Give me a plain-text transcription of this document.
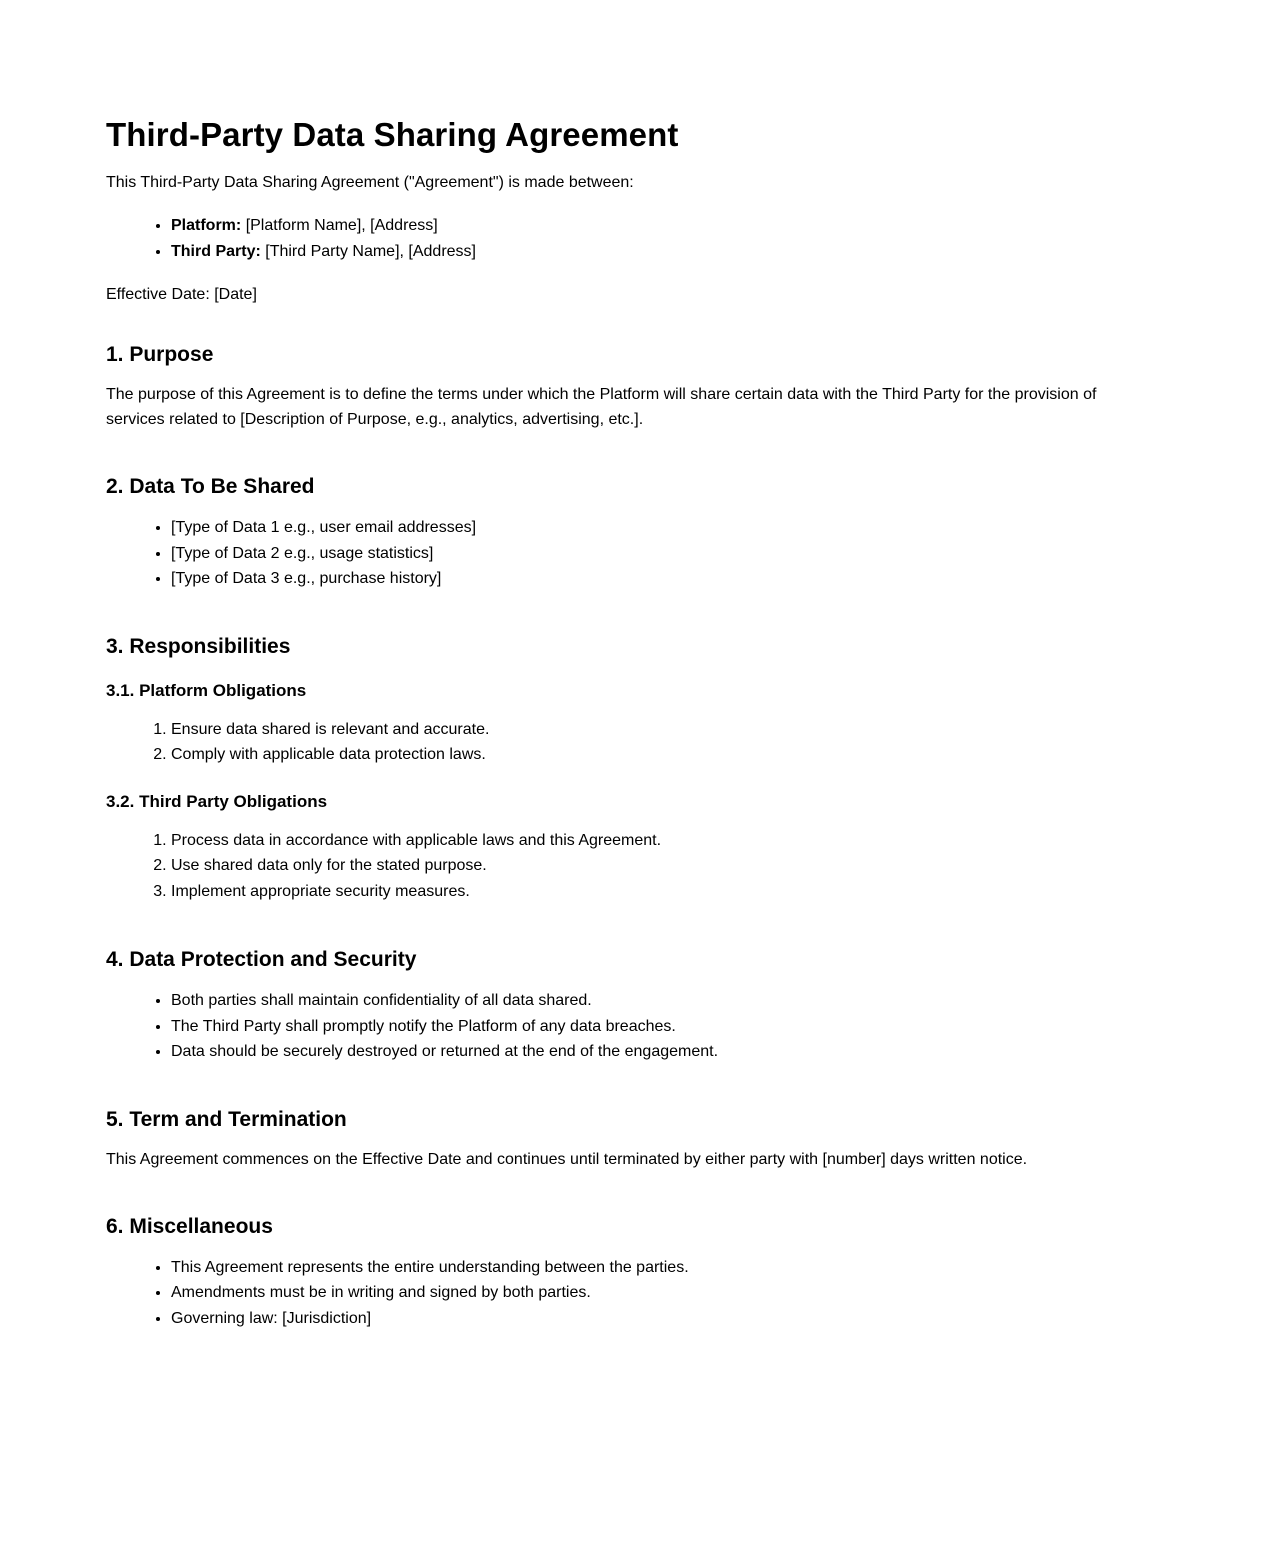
Third-Party Data Sharing Agreement

This Third-Party Data Sharing Agreement ("Agreement") is made between:

• Platform: [Platform Name], [Address]
• Third Party: [Third Party Name], [Address]

Effective Date: [Date]

1. Purpose

The purpose of this Agreement is to define the terms under which the Platform will share certain data with the Third Party for the provision of services related to [Description of Purpose, e.g., analytics, advertising, etc.].

2. Data To Be Shared
• [Type of Data 1 e.g., user email addresses]
• [Type of Data 2 e.g., usage statistics]
• [Type of Data 3 e.g., purchase history]
3. Responsibilities
3.1. Platform Obligations
1. Ensure data shared is relevant and accurate.
2. Comply with applicable data protection laws.
3.2. Third Party Obligations
1. Process data in accordance with applicable laws and this Agreement.
2. Use shared data only for the stated purpose.
3. Implement appropriate security measures.
4. Data Protection and Security
• Both parties shall maintain confidentiality of all data shared.
• The Third Party shall promptly notify the Platform of any data breaches.
• Data should be securely destroyed or returned at the end of the engagement.
5. Term and Termination

This Agreement commences on the Effective Date and continues until terminated by either party with [number] days written notice.

6. Miscellaneous
• This Agreement represents the entire understanding between the parties.
• Amendments must be in writing and signed by both parties.
• Governing law: [Jurisdiction]
